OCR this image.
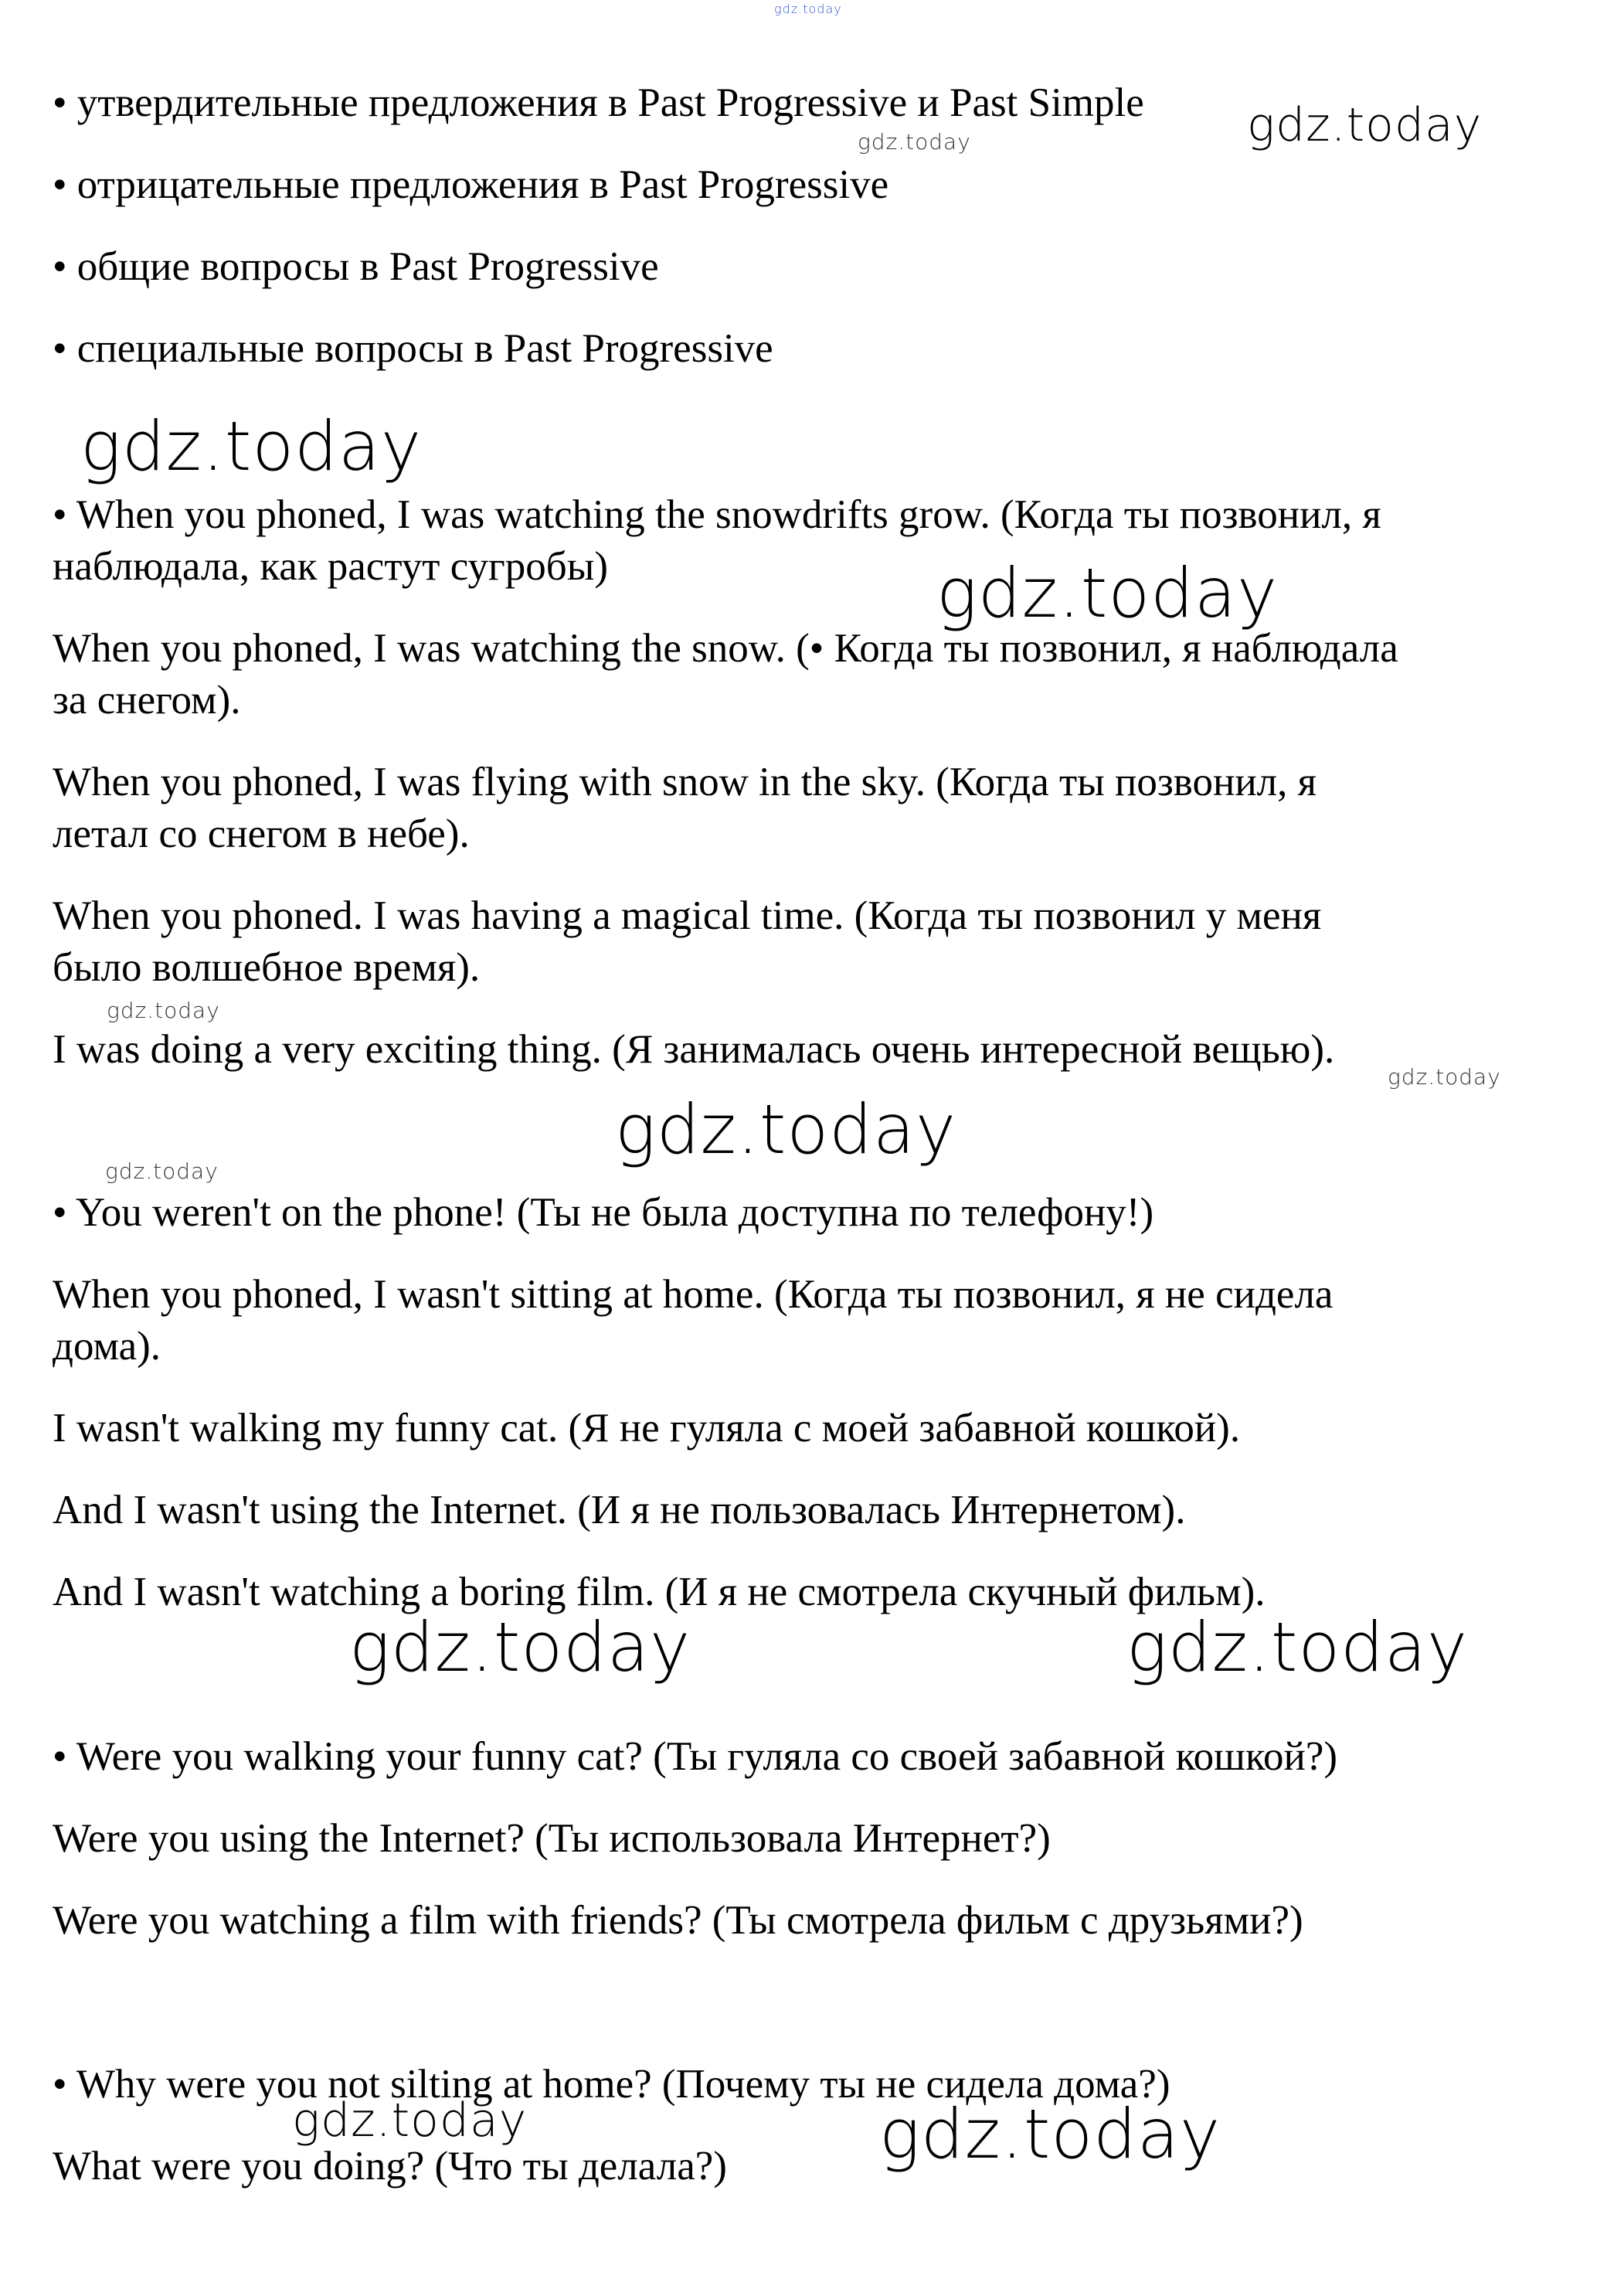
gdz.today

• утвердительные предложения в Past Progressive и Past Simple

• отрицательные предложения в Past Progressive

• общие вопросы в Past Progressive

• специальные вопросы в Past Progressive

• When you phoned, I was watching the snowdrifts grow. (Когда ты позвонил, я

наблюдала, как растут сугробы)

When you phoned, I was watching the snow. (• Когда ты позвонил, я наблюдала

за снегом).

When you phoned, I was flying with snow in the sky. (Когда ты позвонил, я

летал со снегом в небе).

When you phoned. I was having a magical time. (Когда ты позвонил у меня

было волшебное время).

I was doing a very exciting thing. (Я занималась очень интересной вещью).

• You weren't on the phone! (Ты не была доступна по телефону!)

When you phoned, I wasn't sitting at home. (Когда ты позвонил, я не сидела

дома).

I wasn't walking my funny cat. (Я не гуляла с моей забавной кошкой).

And I wasn't using the Internet. (И я не пользовалась Интернетом).

And I wasn't watching a boring film. (И я не смотрела скучный фильм).

• Were you walking your funny cat? (Ты гуляла со своей забавной кошкой?)

Were you using the Internet? (Ты использовала Интернет?)

Were you watching a film with friends? (Ты смотрела фильм с друзьями?)

• Why were you not silting at home? (Почему ты не сидела дома?)

What were you doing? (Что ты делала?)

gdz.today
gdz.today
gdz.today
gdz.today
gdz.today
gdz.today
gdz.today
gdz.today
gdz.today	gdz.today
gdz.today	gdz.today
